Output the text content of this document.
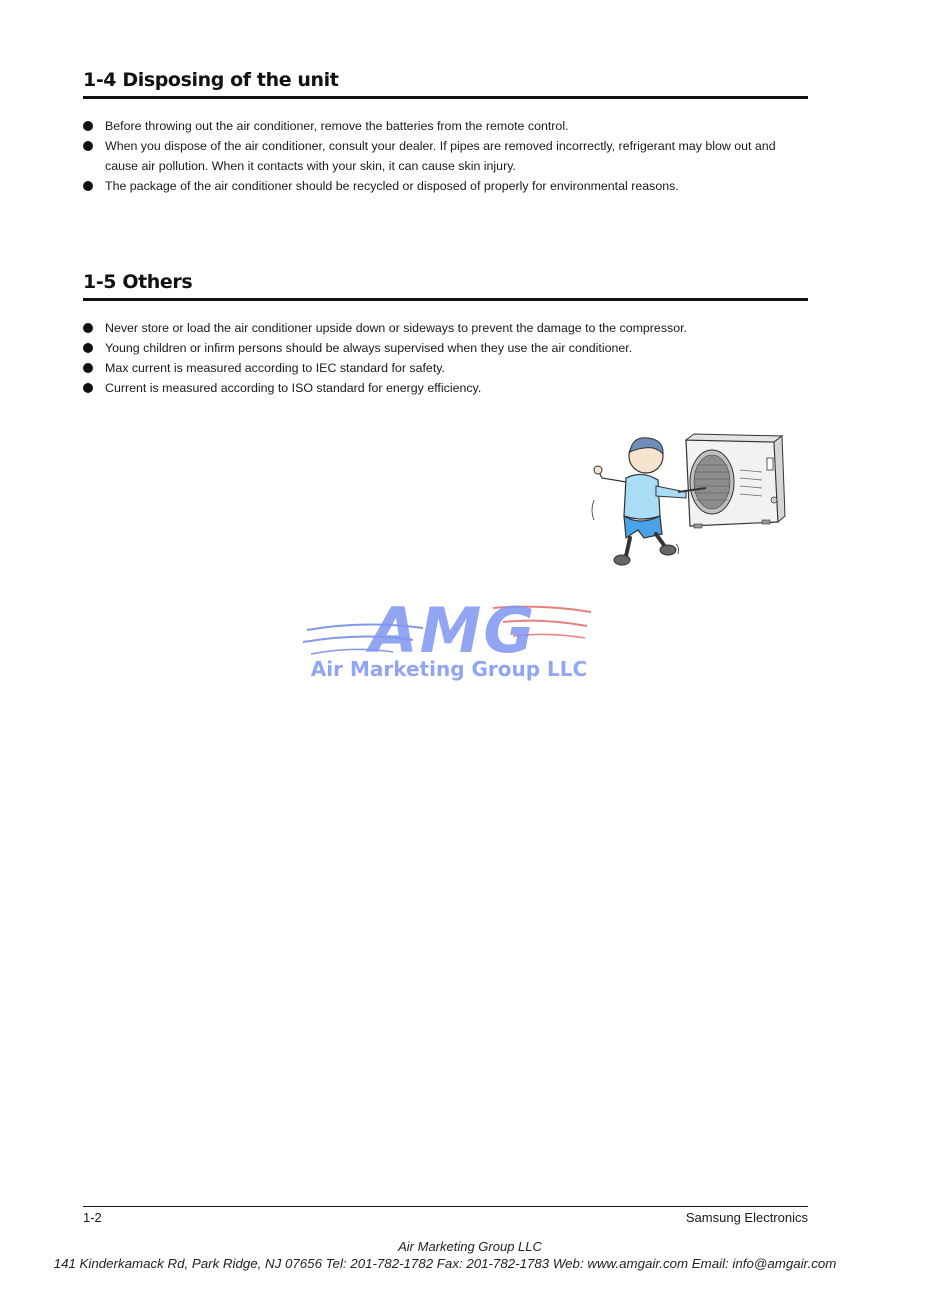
1-4 Disposing of the unit
Before throwing out the air conditioner, remove the batteries from the remote control.
When you dispose of the air conditioner, consult your dealer. If pipes are removed incorrectly, refrigerant may blow out and cause air pollution. When it contacts with your skin, it can cause skin injury.
The package of the air conditioner should be recycled or disposed of properly for environmental reasons.
1-5 Others
Never store or load the air conditioner upside down or sideways to prevent the damage to the compressor.
Young children or infirm persons should be always supervised when they use the air conditioner.
Max current is measured according to IEC standard for safety.
Current is measured according to ISO standard for energy efficiency.
AMG
Air Marketing Group LLC
1-2	Samsung Electronics
Air Marketing Group LLC
141 Kinderkamack Rd, Park Ridge, NJ 07656 Tel: 201-782-1782 Fax: 201-782-1783 Web: www.amgair.com Email: info@amgair.com
